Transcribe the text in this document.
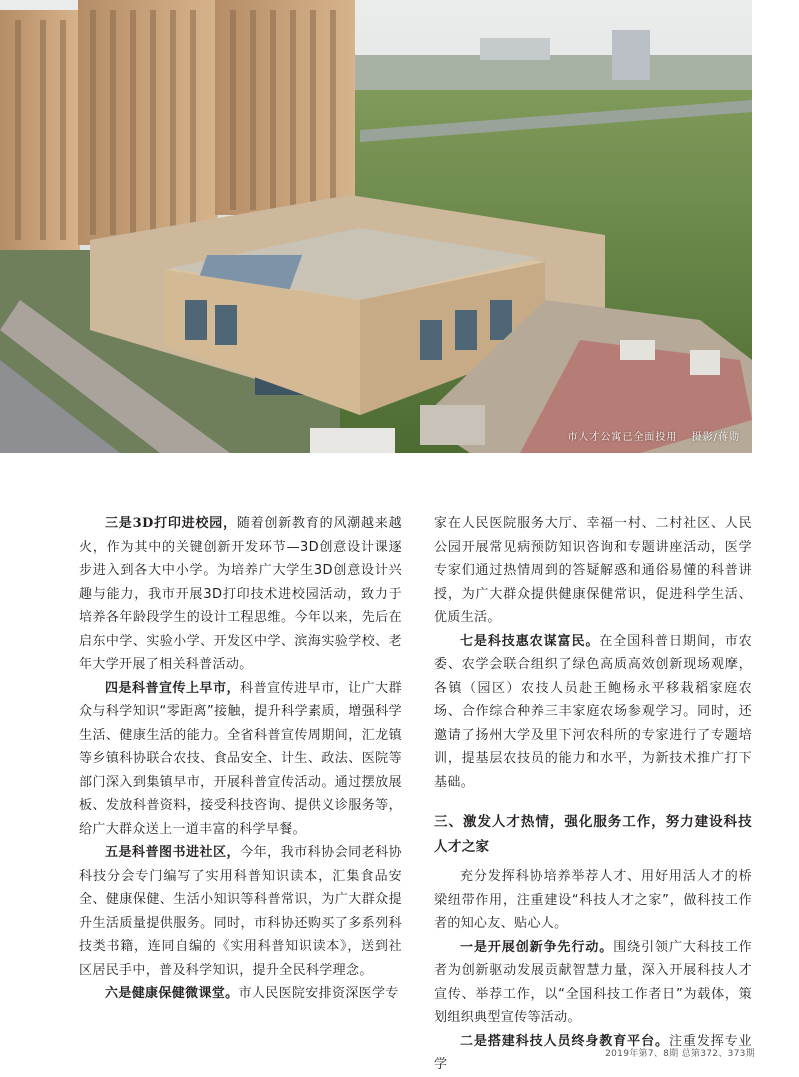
市人才公寓已全面投用 摄影/蒋勋

三是3D打印进校园，随着创新教育的风潮越来越火，作为其中的关键创新开发环节—3D创意设计课逐步进入到各大中小学。为培养广大学生3D创意设计兴趣与能力，我市开展3D打印技术进校园活动，致力于培养各年龄段学生的设计工程思维。今年以来，先后在启东中学、实验小学、开发区中学、滨海实验学校、老年大学开展了相关科普活动。

四是科普宣传上早市，科普宣传进早市，让广大群众与科学知识“零距离”接触，提升科学素质，增强科学生活、健康生活的能力。全省科普宣传周期间，汇龙镇等乡镇科协联合农技、食品安全、计生、政法、医院等部门深入到集镇早市，开展科普宣传活动。通过摆放展板、发放科普资料，接受科技咨询、提供义诊服务等，给广大群众送上一道丰富的科学早餐。

五是科普图书进社区，今年，我市科协会同老科协科技分会专门编写了实用科普知识读本，汇集食品安全、健康保健、生活小知识等科普常识，为广大群众提升生活质量提供服务。同时，市科协还购买了多系列科技类书籍，连同自编的《实用科普知识读本》，送到社区居民手中，普及科学知识，提升全民科学理念。

六是健康保健微课堂。市人民医院安排资深医学专

家在人民医院服务大厅、幸福一村、二村社区、人民公园开展常见病预防知识咨询和专题讲座活动，医学专家们通过热情周到的答疑解惑和通俗易懂的科普讲授，为广大群众提供健康保健常识，促进科学生活、优质生活。

七是科技惠农谋富民。在全国科普日期间，市农委、农学会联合组织了绿色高质高效创新现场观摩，各镇（园区）农技人员赴王鲍杨永平移栽稻家庭农场、合作综合种养三丰家庭农场参观学习。同时，还邀请了扬州大学及里下河农科所的专家进行了专题培训，提基层农技员的能力和水平，为新技术推广打下基础。

三、激发人才热情，强化服务工作，努力建设科技人才之家

充分发挥科协培养举荐人才、用好用活人才的桥梁纽带作用，注重建设“科技人才之家”，做科技工作者的知心友、贴心人。

一是开展创新争先行动。围绕引领广大科技工作者为创新驱动发展贡献智慧力量，深入开展科技人才宣传、举荐工作，以“全国科技工作者日”为载体，策划组织典型宣传等活动。

二是搭建科技人员终身教育平台。注重发挥专业学

2019年第7、8期 总第372、373期
